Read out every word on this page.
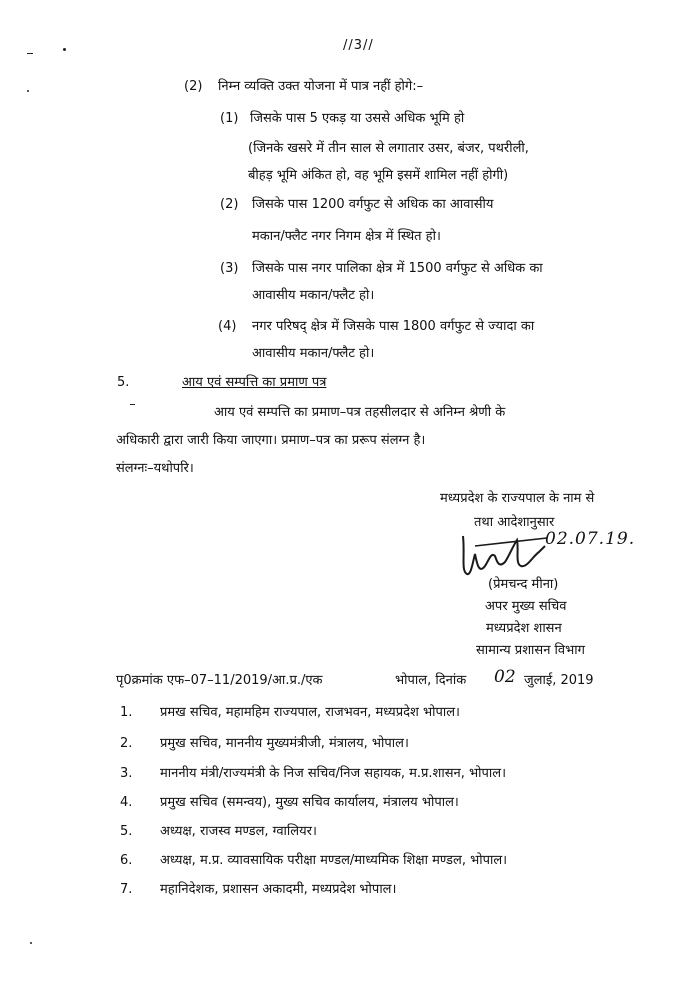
//3//
(2) निम्न व्यक्ति उक्त योजना में पात्र नहीं होगे:–
(1) जिसके पास 5 एकड़ या उससे अधिक भूमि हो
(जिनके खसरे में तीन साल से लगातार उसर, बंजर, पथरीली,
बीहड़ भूमि अंकित हो, वह भूमि इसमें शामिल नहीं होगी)
(2) जिसके पास 1200 वर्गफुट से अधिक का आवासीय
मकान/फ्लैट नगर निगम क्षेत्र में स्थित हो।
(3) जिसके पास नगर पालिका क्षेत्र में 1500 वर्गफुट से अधिक का
आवासीय मकान/फ्लैट हो।
(4) नगर परिषद् क्षेत्र में जिसके पास 1800 वर्गफुट से ज्यादा का
आवासीय मकान/फ्लैट हो।
5.	आय एवं सम्पत्ति का प्रमाण पत्र
आय एवं सम्पत्ति का प्रमाण–पत्र तहसीलदार से अनिम्न श्रेणी के
अधिकारी द्वारा जारी किया जाएगा। प्रमाण–पत्र का प्ररूप संलग्न है।
संलग्नः–यथोपरि।
मध्यप्रदेश के राज्यपाल के नाम से
तथा आदेशानुसार
02.07.19.
(प्रेमचन्द मीना)
अपर मुख्य सचिव
मध्यप्रदेश शासन
सामान्य प्रशासन विभाग
पृ0क्रमांक एफ–07–11/2019/आ.प्र./एक	भोपाल, दिनांक 02 जुलाई, 2019
1. प्रमख सचिव, महामहिम राज्यपाल, राजभवन, मध्यप्रदेश भोपाल।
2. प्रमुख सचिव, माननीय मुख्यमंत्रीजी, मंत्रालय, भोपाल।
3. माननीय मंत्री/राज्यमंत्री के निज सचिव/निज सहायक, म.प्र.शासन, भोपाल।
4. प्रमुख सचिव (समन्वय), मुख्य सचिव कार्यालय, मंत्रालय भोपाल।
5. अध्यक्ष, राजस्व मण्डल, ग्वालियर।
6. अध्यक्ष, म.प्र. व्यावसायिक परीक्षा मण्डल/माध्यमिक शिक्षा मण्डल, भोपाल।
7. महानिदेशक, प्रशासन अकादमी, मध्यप्रदेश भोपाल।
